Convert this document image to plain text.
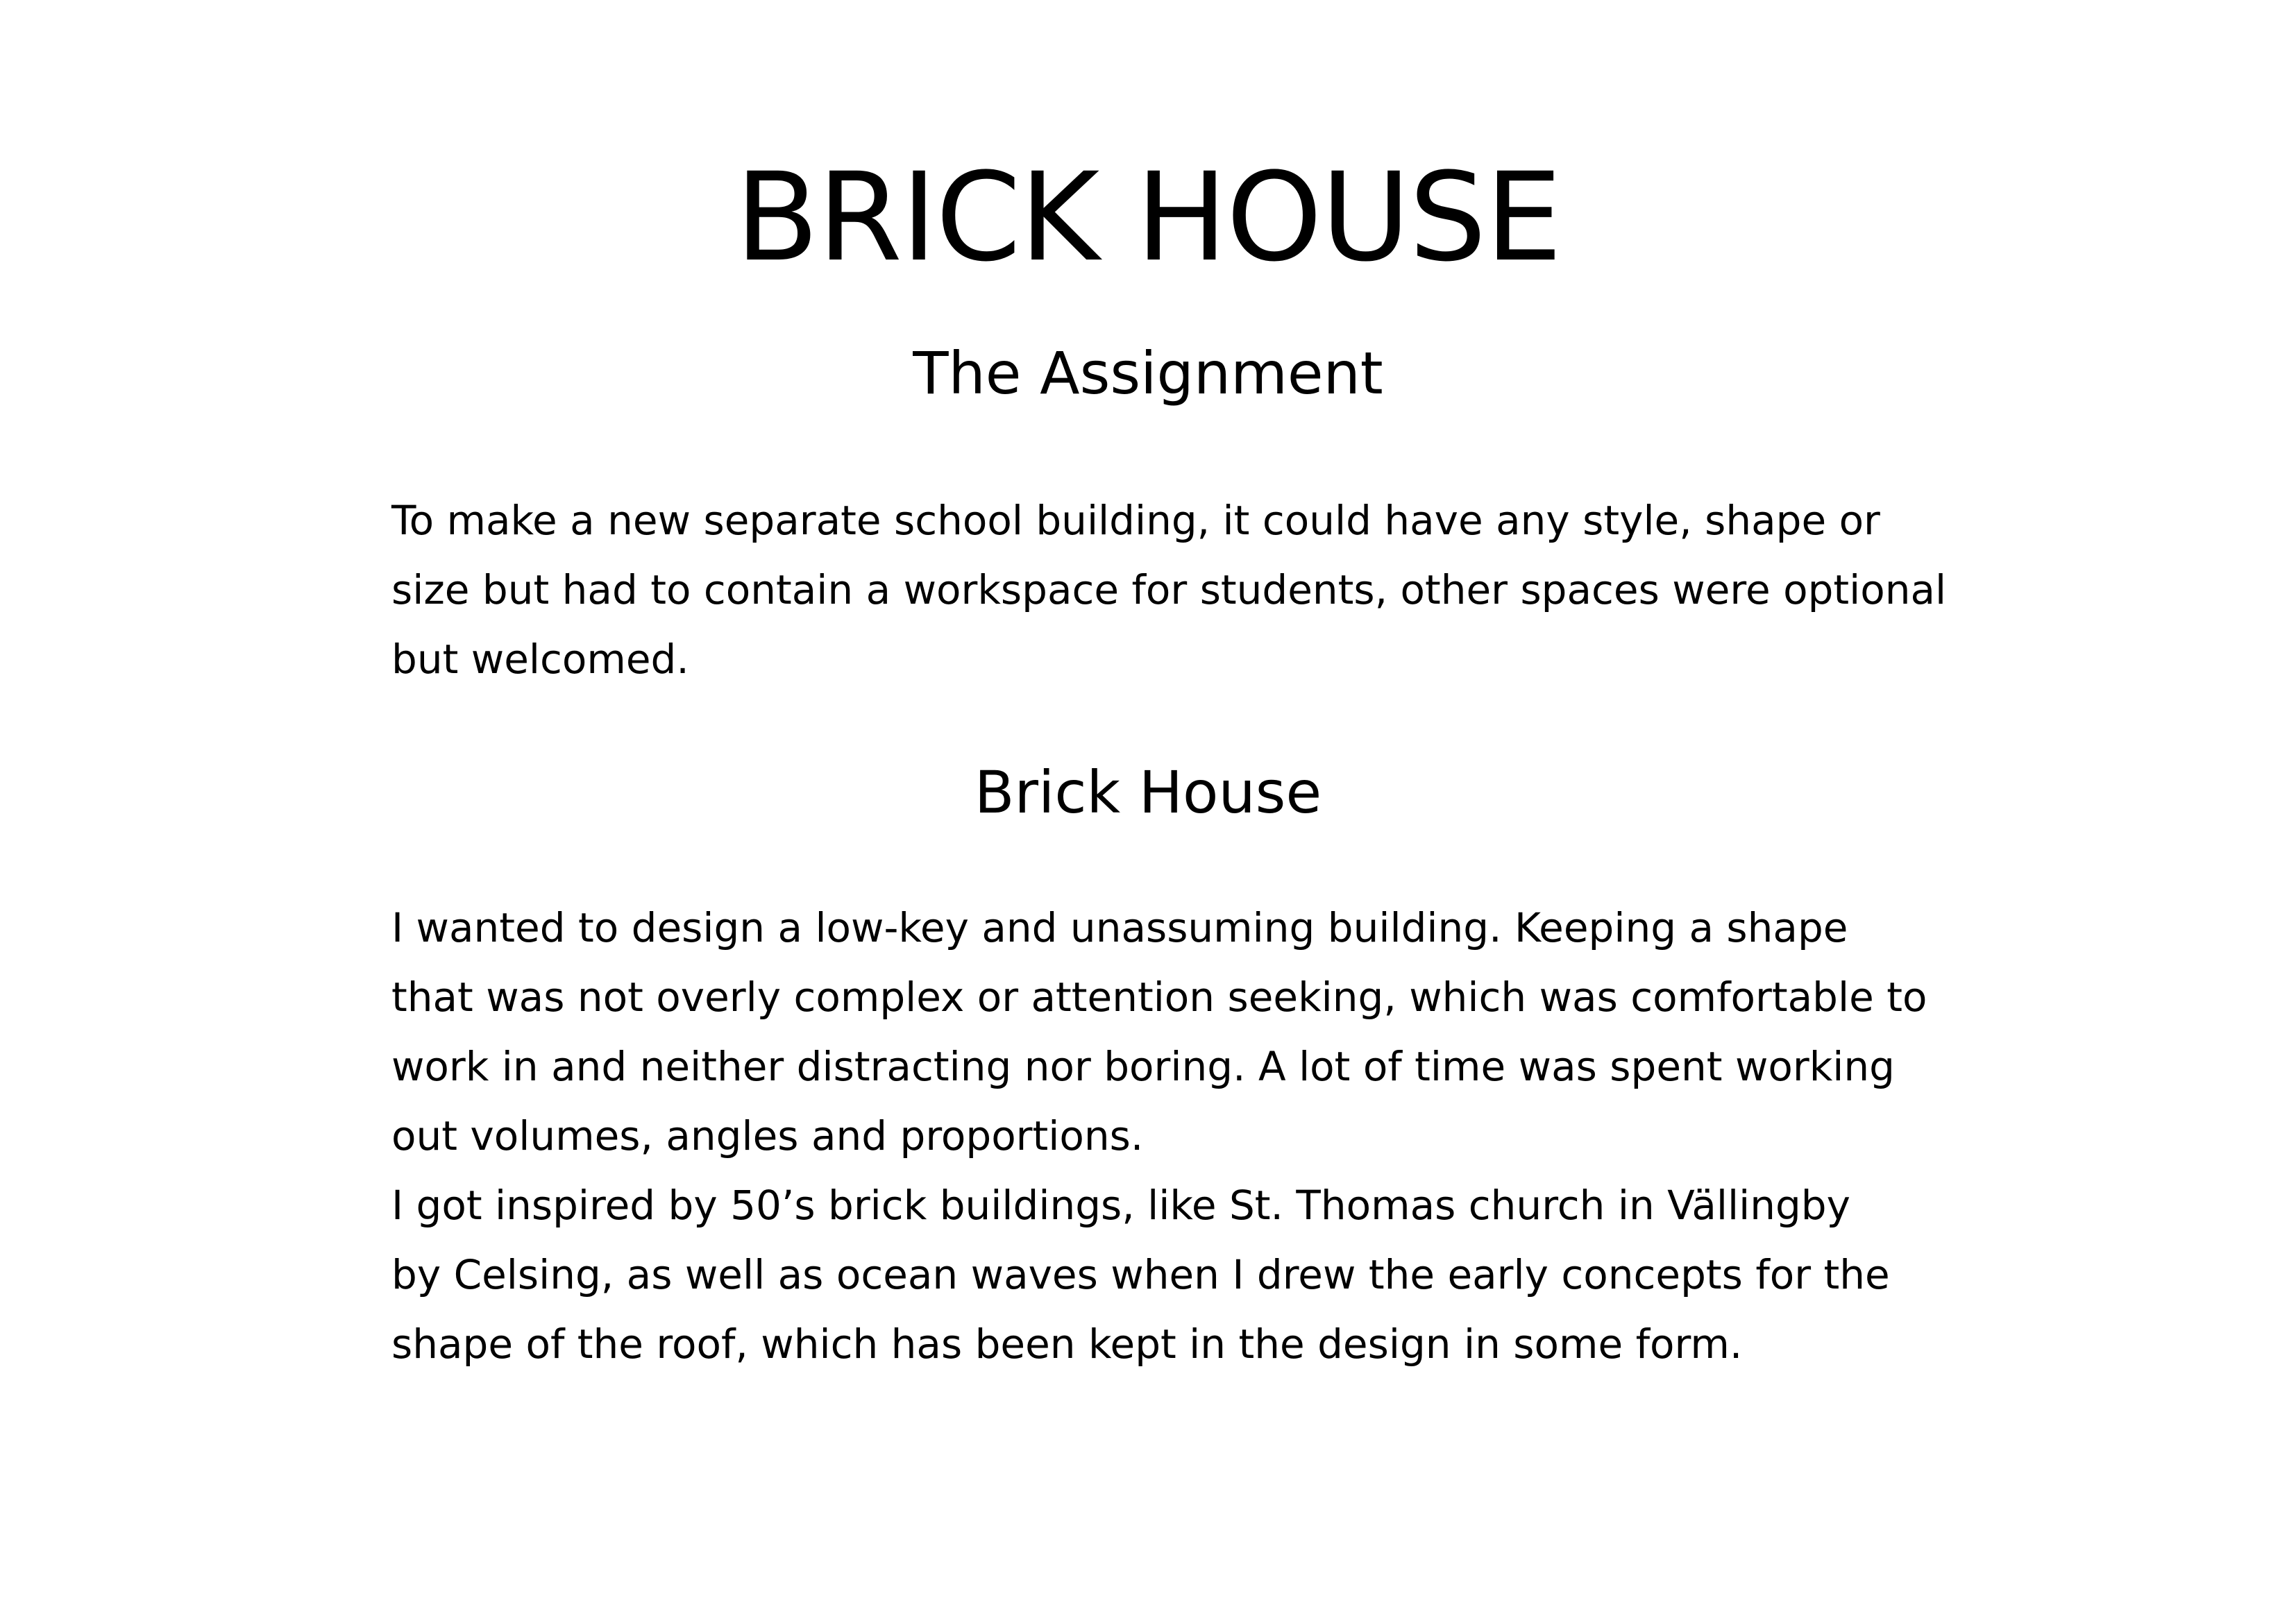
BRICK HOUSE
The Assignment

To make a new separate school building, it could have any style, shape or
size but had to contain a workspace for students, other spaces were optional
but welcomed.

Brick House

I wanted to design a low-key and unassuming building. Keeping a shape
that was not overly complex or attention seeking, which was comfortable to
work in and neither distracting nor boring. A lot of time was spent working
out volumes, angles and proportions.
I got inspired by 50’s brick buildings, like St. Thomas church in Vällingby
by Celsing, as well as ocean waves when I drew the early concepts for the
shape of the roof, which has been kept in the design in some form.
